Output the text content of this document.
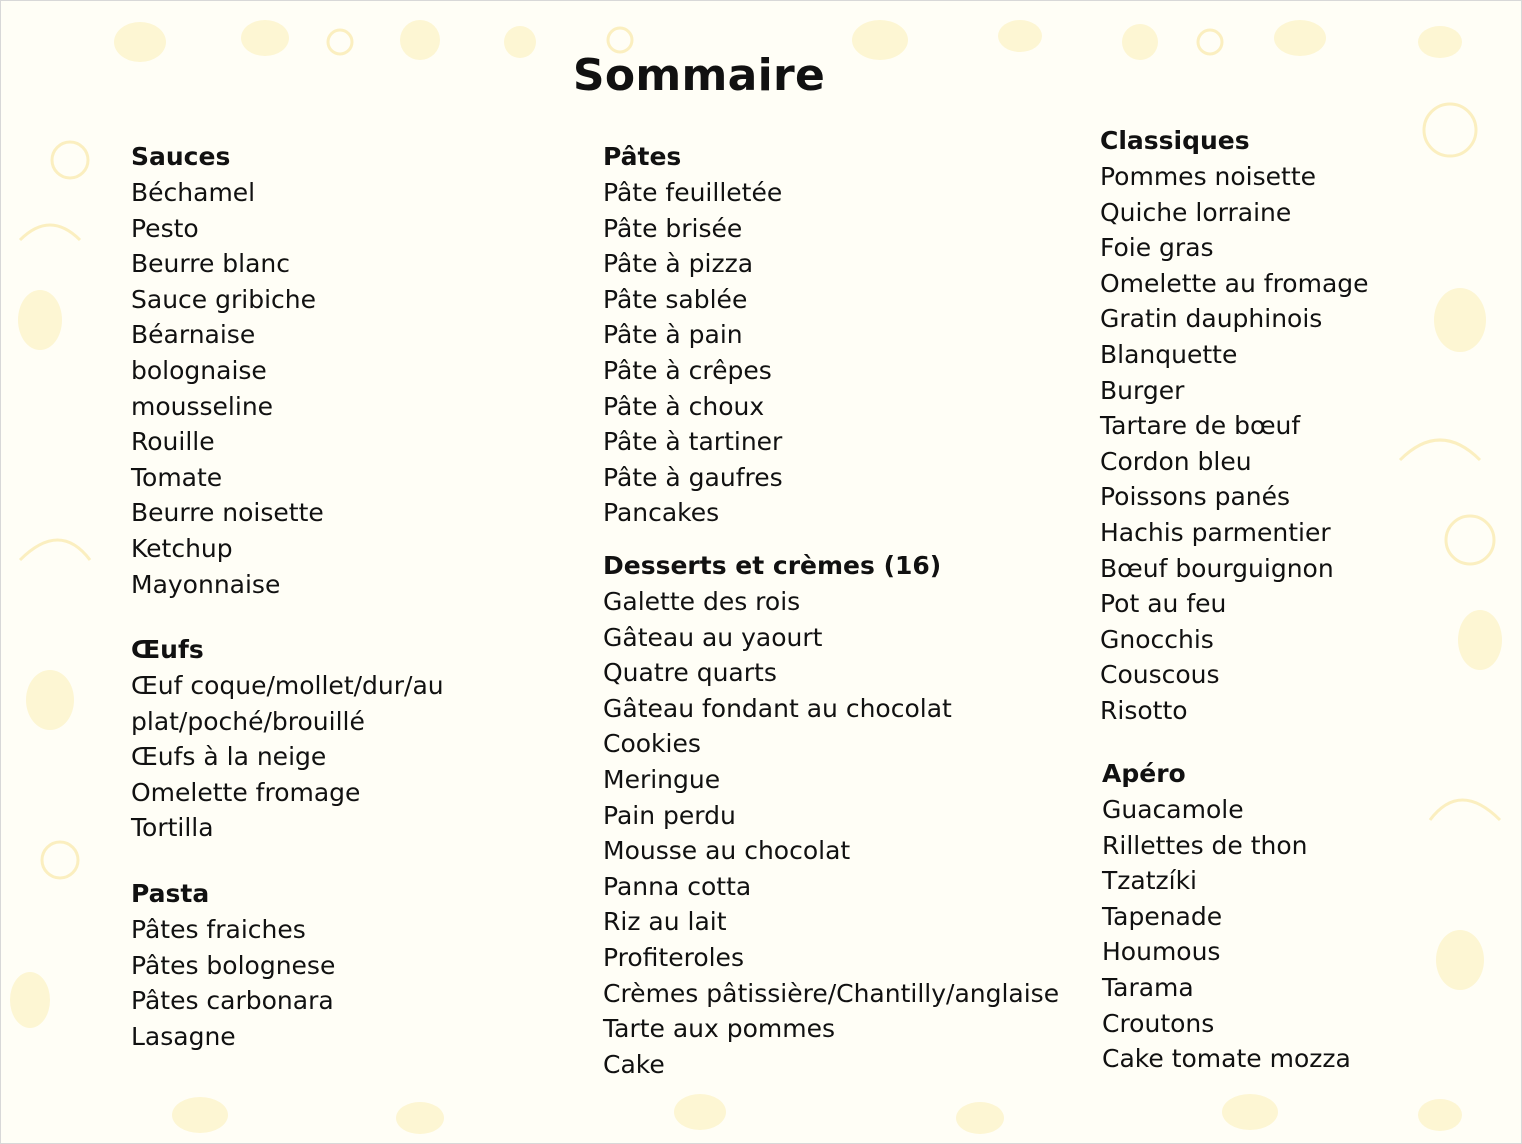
Sommaire
Sauces
Béchamel
Pesto
Beurre blanc
Sauce gribiche
Béarnaise
bolognaise
mousseline
Rouille
Tomate
Beurre noisette
Ketchup
Mayonnaise
Œufs
Œuf coque/mollet/dur/au
plat/poché/brouillé
Œufs à la neige
Omelette fromage
Tortilla
Pasta
Pâtes fraiches
Pâtes bolognese
Pâtes carbonara
Lasagne
Pâtes
Pâte feuilletée
Pâte brisée
Pâte à pizza
Pâte sablée
Pâte à pain
Pâte à crêpes
Pâte à choux
Pâte à tartiner
Pâte à gaufres
Pancakes
Desserts et crèmes (16)
Galette des rois
Gâteau au yaourt
Quatre quarts
Gâteau fondant au chocolat
Cookies
Meringue
Pain perdu
Mousse au chocolat
Panna cotta
Riz au lait
Profiteroles
Crèmes pâtissière/Chantilly/anglaise
Tarte aux pommes
Cake
Classiques
Pommes noisette
Quiche lorraine
Foie gras
Omelette au fromage
Gratin dauphinois
Blanquette
Burger
Tartare de bœuf
Cordon bleu
Poissons panés
Hachis parmentier
Bœuf bourguignon
Pot au feu
Gnocchis
Couscous
Risotto
Apéro
Guacamole
Rillettes de thon
Tzatzíki
Tapenade
Houmous
Tarama
Croutons
Cake tomate mozza
